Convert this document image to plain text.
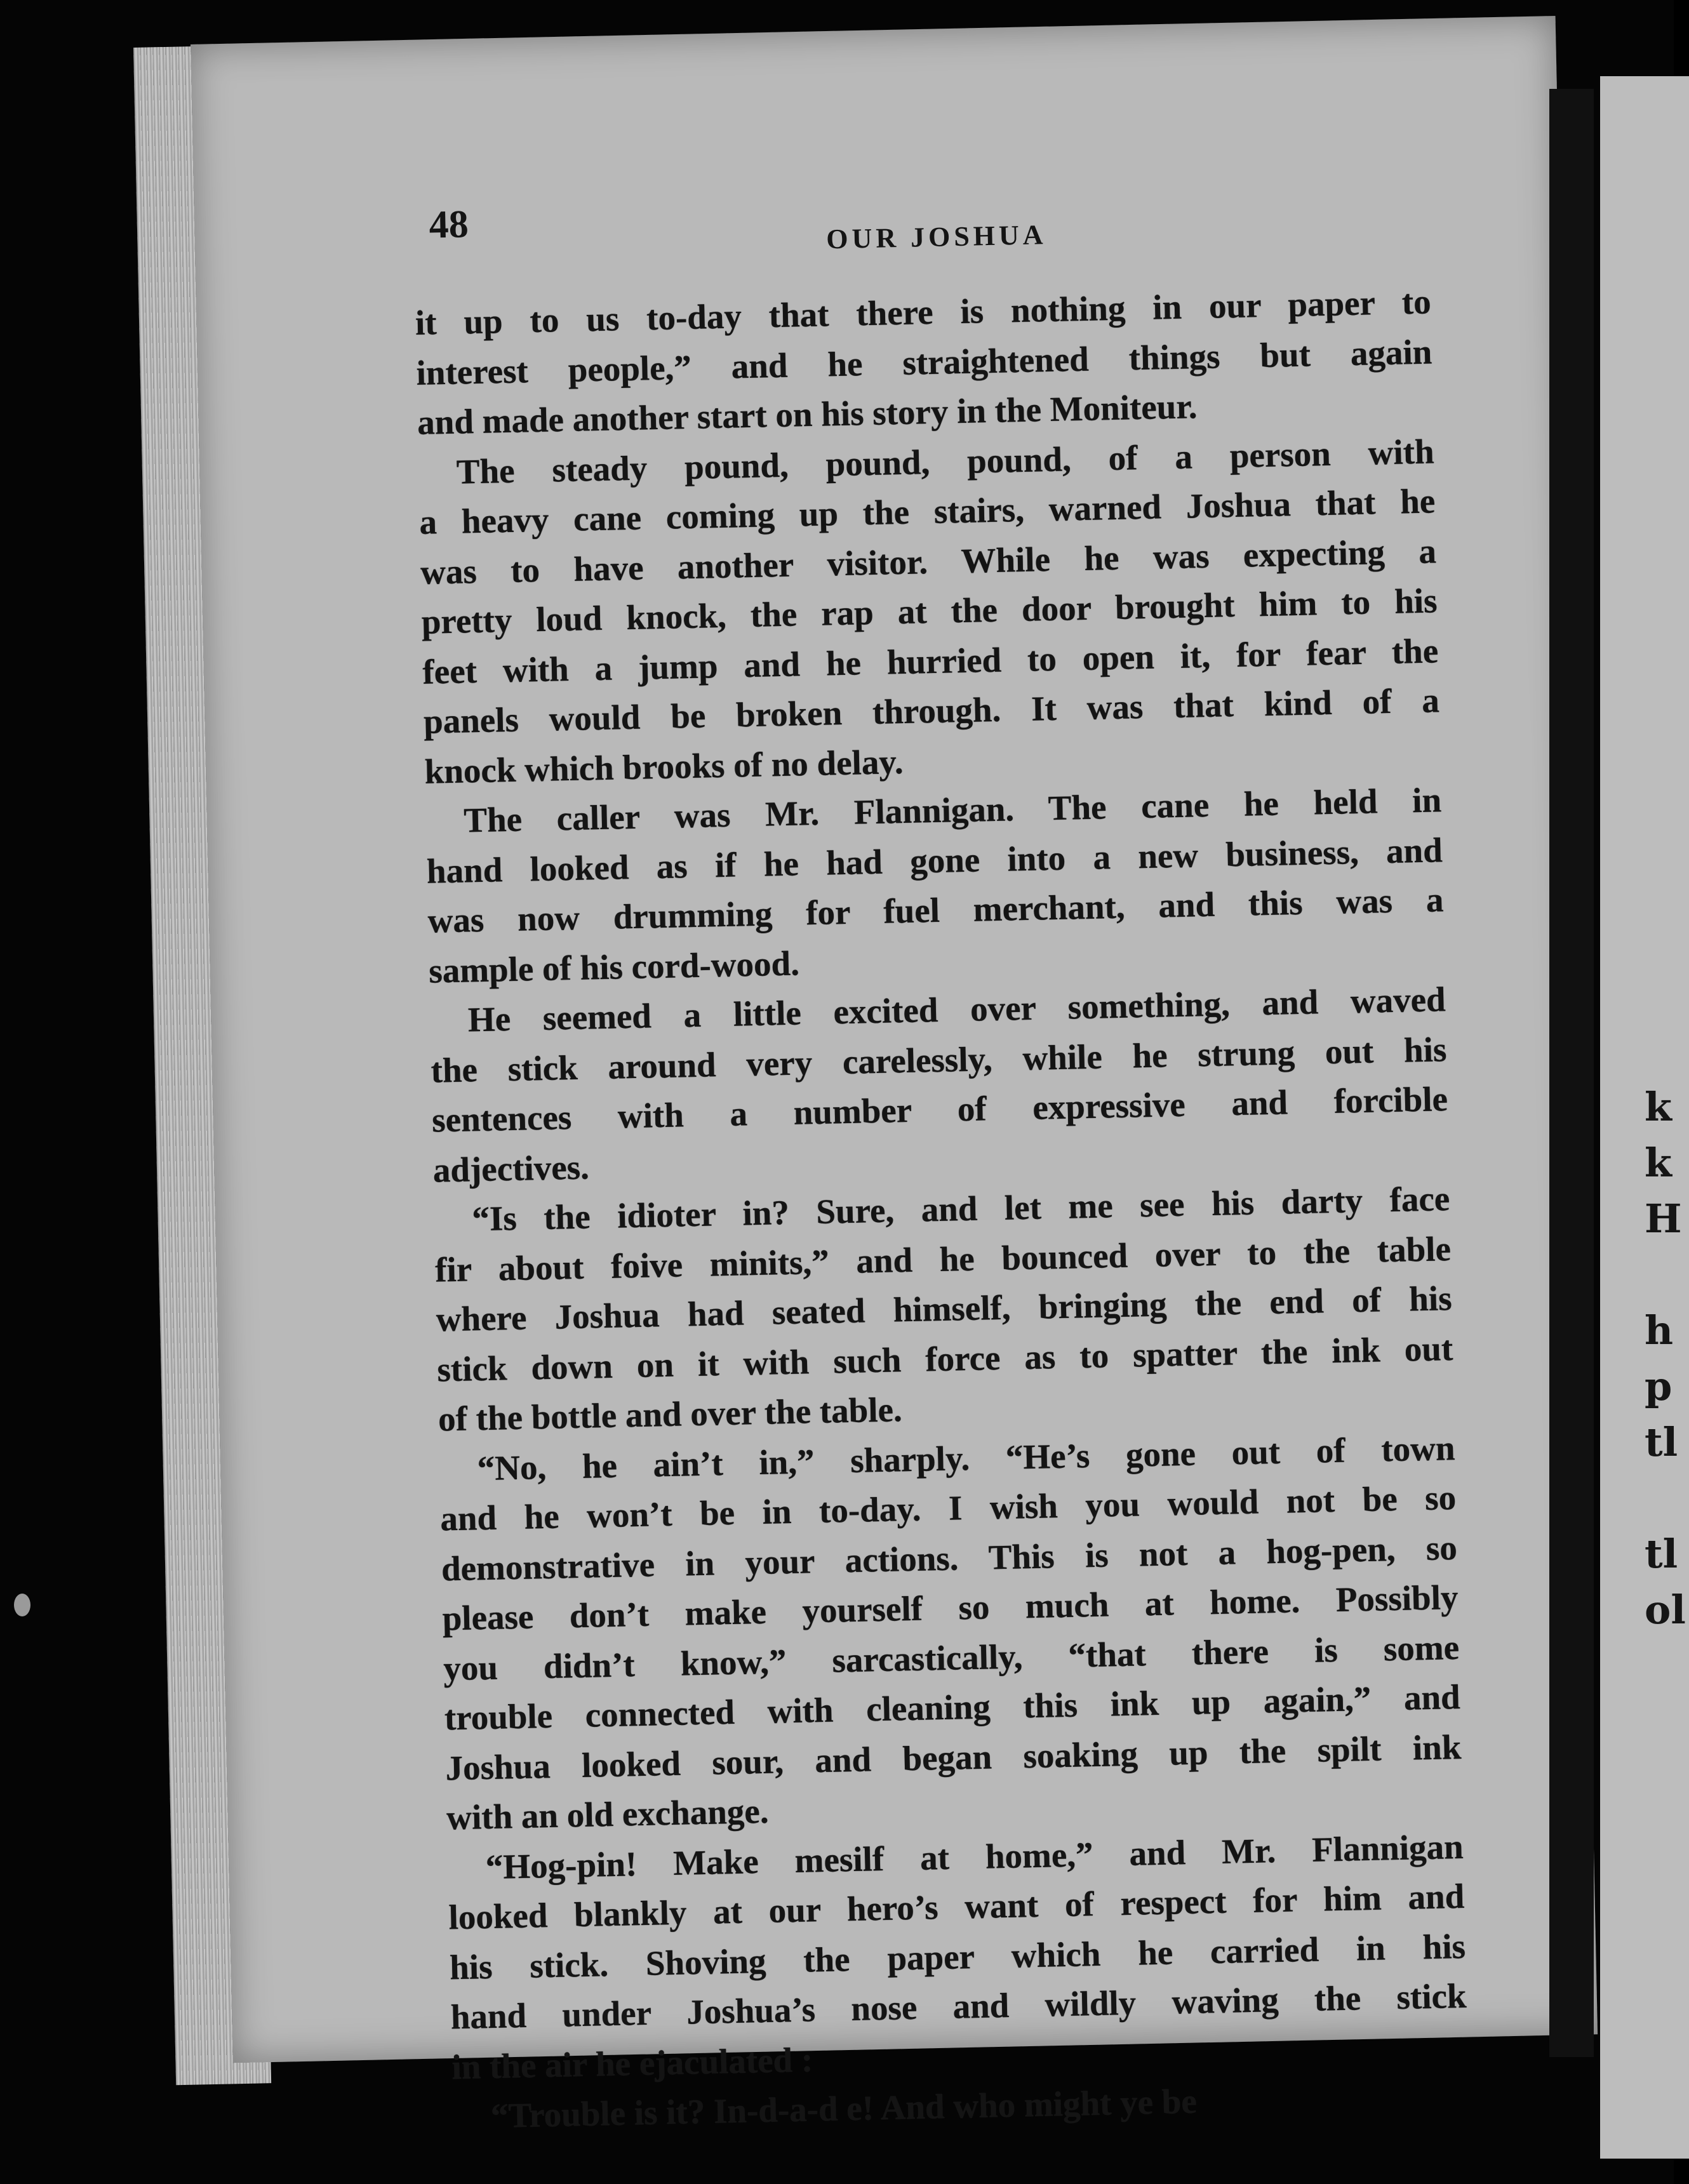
k
k
H

h
p
tl

tl
ol
48	OUR JOSHUA
it up to us to-day that there is nothing in our paper to
interest people,” and he straightened things but again
and made another start on his story in the Moniteur.
The steady pound, pound, pound, of a person with
a heavy cane coming up the stairs, warned Joshua that he
was to have another visitor. While he was expecting a
pretty loud knock, the rap at the door brought him to his
feet with a jump and he hurried to open it, for fear the
panels would be broken through. It was that kind of a
knock which brooks of no delay.
The caller was Mr. Flannigan. The cane he held in
hand looked as if he had gone into a new business, and
was now drumming for fuel merchant, and this was a
sample of his cord-wood.
He seemed a little excited over something, and waved
the stick around very carelessly, while he strung out his
sentences with a number of expressive and forcible
adjectives.
“Is the idioter in? Sure, and let me see his darty face
fir about foive minits,” and he bounced over to the table
where Joshua had seated himself, bringing the end of his
stick down on it with such force as to spatter the ink out
of the bottle and over the table.
“No, he ain’t in,” sharply. “He’s gone out of town
and he won’t be in to-day. I wish you would not be so
demonstrative in your actions. This is not a hog-pen, so
please don’t make yourself so much at home. Possibly
you didn’t know,” sarcastically, “that there is some
trouble connected with cleaning this ink up again,” and
Joshua looked sour, and began soaking up the spilt ink
with an old exchange.
“Hog-pin! Make mesilf at home,” and Mr. Flannigan
looked blankly at our hero’s want of respect for him and
his stick. Shoving the paper which he carried in his
hand under Joshua’s nose and wildly waving the stick
in the air he ejaculated :
“Trouble is it? In-d-a-d e! And who might ye be
